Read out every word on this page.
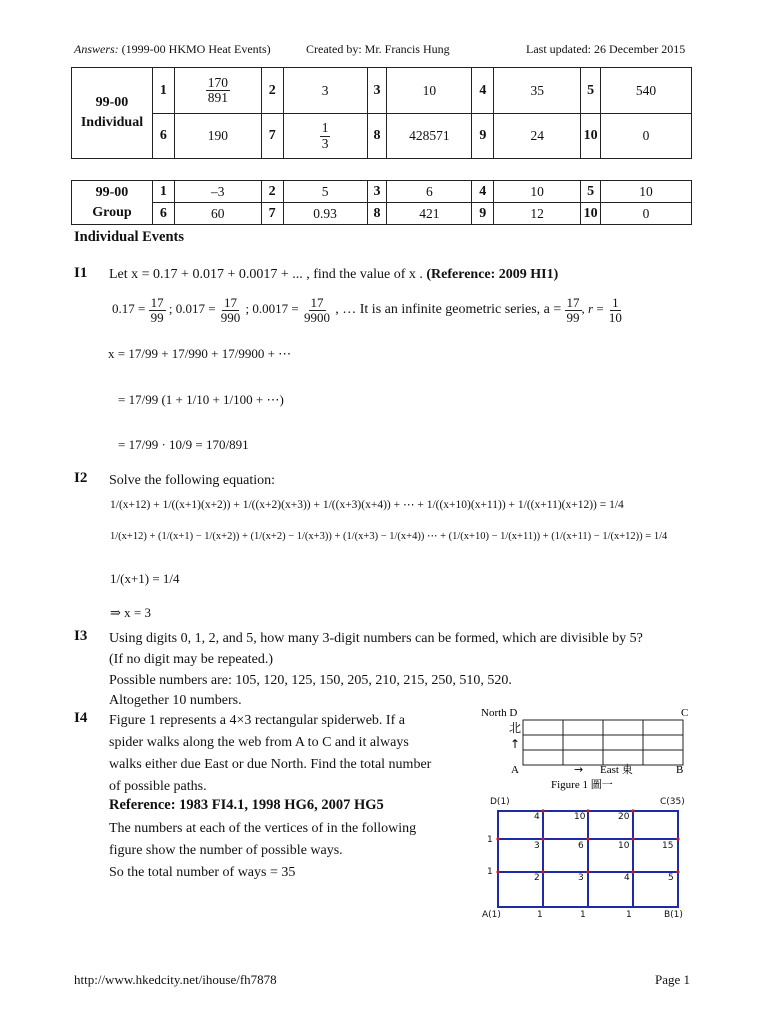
Answers: (1999-00 HKMO Heat Events)	Created by: Mr. Francis Hung	Last updated: 26 December 2015
99-00
Individual	1	$\frac{170}{891}$	2	3	3	10	4	35	5	540
	6	190	7	$\frac{1}{3}$	8	428571	9	24	10	0
99-00
Group	1	–3	2	5	3	6	4	10	5	10
	6	60	7	0.93	8	421	9	12	10	0
Individual Events
I1 Let x = 0.17 + 0.017 + 0.0017 + ... , find the value of x . (Reference: 2009 HI1)
$0.17 = \frac{17}{99}$ ; $0.017 = \frac{17}{990}$ ; $0.0017 = \frac{17}{9900}$ , … It is an infinite geometric series, $a = \frac{17}{99}$ , $r = \frac{1}{10}$
x = 17/99 + 17/990 + 17/9900 + ⋯
= 17/99 (1 + 1/10 + 1/100 + ⋯)
= 17/99 · 10/9 = 170/891
I2 Solve the following equation:
1/(x+12) + 1/((x+1)(x+2)) + 1/((x+2)(x+3)) + 1/((x+3)(x+4)) + ⋯ + 1/((x+10)(x+11)) + 1/((x+11)(x+12)) = 1/4
1/(x+12) + (1/(x+1) − 1/(x+2)) + (1/(x+2) − 1/(x+3)) + (1/(x+3) − 1/(x+4)) ⋯ + (1/(x+10) − 1/(x+11)) + (1/(x+11) − 1/(x+12)) = 1/4
1/(x+1) = 1/4
⇒ x = 3
I3 Using digits 0, 1, 2, and 5, how many 3-digit numbers can be formed, which are divisible by 5?
(If no digit may be repeated.)
Possible numbers are: 105, 120, 125, 150, 205, 210, 215, 250, 510, 520.
Altogether 10 numbers.
I4 Figure 1 represents a 4×3 rectangular spiderweb. If a
spider walks along the web from A to C and it always
walks either due East or due North. Find the total number
of possible paths.
Reference: 1983 FI4.1, 1998 HG6, 2007 HG5
The numbers at each of the vertices of in the following
figure show the number of possible ways.
So the total number of ways = 35
North D	C
北
↑
A	→ East 東	B
Figure 1 圖一
D(1)	C(35)
A(1)	B(1)
1
1
1	1	1
4	10	20
3	6	10	15
2	3	4	5
http://www.hkedcity.net/ihouse/fh7878	Page 1
